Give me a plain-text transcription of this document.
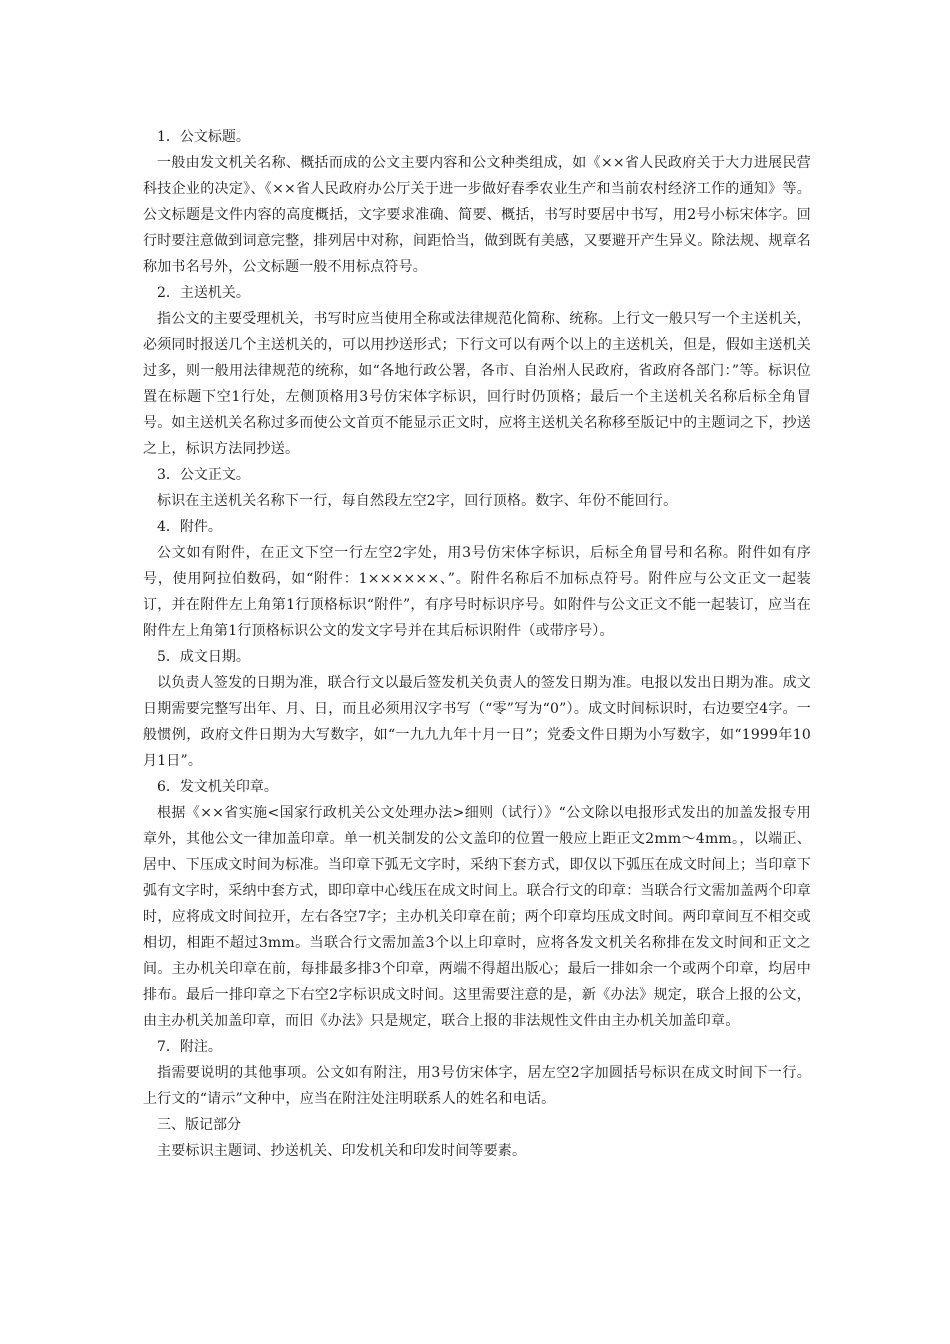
1．公文标题。

一般由发文机关名称、概括而成的公文主要内容和公文种类组成，如《××省人民政府关于大力进展民营科技企业的决定》、《××省人民政府办公厅关于进一步做好春季农业生产和当前农村经济工作的通知》等。公文标题是文件内容的高度概括，文字要求准确、简要、概括，书写时要居中书写，用2号小标宋体字。回行时要注意做到词意完整，排列居中对称，间距恰当，做到既有美感，又要避开产生异义。除法规、规章名称加书名号外，公文标题一般不用标点符号。

2．主送机关。

指公文的主要受理机关，书写时应当使用全称或法律规范化简称、统称。上行文一般只写一个主送机关，必须同时报送几个主送机关的，可以用抄送形式；下行文可以有两个以上的主送机关，但是，假如主送机关过多，则一般用法律规范的统称，如“各地行政公署，各市、自治州人民政府，省政府各部门：”等。标识位置在标题下空1行处，左侧顶格用3号仿宋体字标识，回行时仍顶格；最后一个主送机关名称后标全角冒号。如主送机关名称过多而使公文首页不能显示正文时，应将主送机关名称移至版记中的主题词之下，抄送之上，标识方法同抄送。

3．公文正文。

标识在主送机关名称下一行，每自然段左空2字，回行顶格。数字、年份不能回行。

4．附件。

公文如有附件，在正文下空一行左空2字处，用3号仿宋体字标识，后标全角冒号和名称。附件如有序号，使用阿拉伯数码，如“附件：1××××××、”。附件名称后不加标点符号。附件应与公文正文一起装订，并在附件左上角第1行顶格标识“附件”，有序号时标识序号。如附件与公文正文不能一起装订，应当在附件左上角第1行顶格标识公文的发文字号并在其后标识附件（或带序号）。

5．成文日期。

以负责人签发的日期为准，联合行文以最后签发机关负责人的签发日期为准。电报以发出日期为准。成文日期需要完整写出年、月、日，而且必须用汉字书写（“零”写为“0”）。成文时间标识时，右边要空4字。一般惯例，政府文件日期为大写数字，如“一九九九年十月一日”；党委文件日期为小写数字，如“1999年10月1日”。

6．发文机关印章。

根据《××省实施<国家行政机关公文处理办法>细则（试行）》“公文除以电报形式发出的加盖发报专用章外，其他公文一律加盖印章。单一机关制发的公文盖印的位置一般应上距正文2mm～4mm。，以端正、居中、下压成文时间为标准。当印章下弧无文字时，采纳下套方式，即仅以下弧压在成文时间上；当印章下弧有文字时，采纳中套方式，即印章中心线压在成文时间上。联合行文的印章：当联合行文需加盖两个印章时，应将成文时间拉开，左右各空7字；主办机关印章在前；两个印章均压成文时间。两印章间互不相交或相切，相距不超过3mm。当联合行文需加盖3个以上印章时，应将各发文机关名称排在发文时间和正文之间。主办机关印章在前，每排最多排3个印章，两端不得超出版心；最后一排如余一个或两个印章，均居中排布。最后一排印章之下右空2字标识成文时间。这里需要注意的是，新《办法》规定，联合上报的公文，由主办机关加盖印章，而旧《办法》只是规定，联合上报的非法规性文件由主办机关加盖印章。

7．附注。

指需要说明的其他事项。公文如有附注，用3号仿宋体字，居左空2字加圆括号标识在成文时间下一行。上行文的“请示”文种中，应当在附注处注明联系人的姓名和电话。

三、版记部分

主要标识主题词、抄送机关、印发机关和印发时间等要素。
